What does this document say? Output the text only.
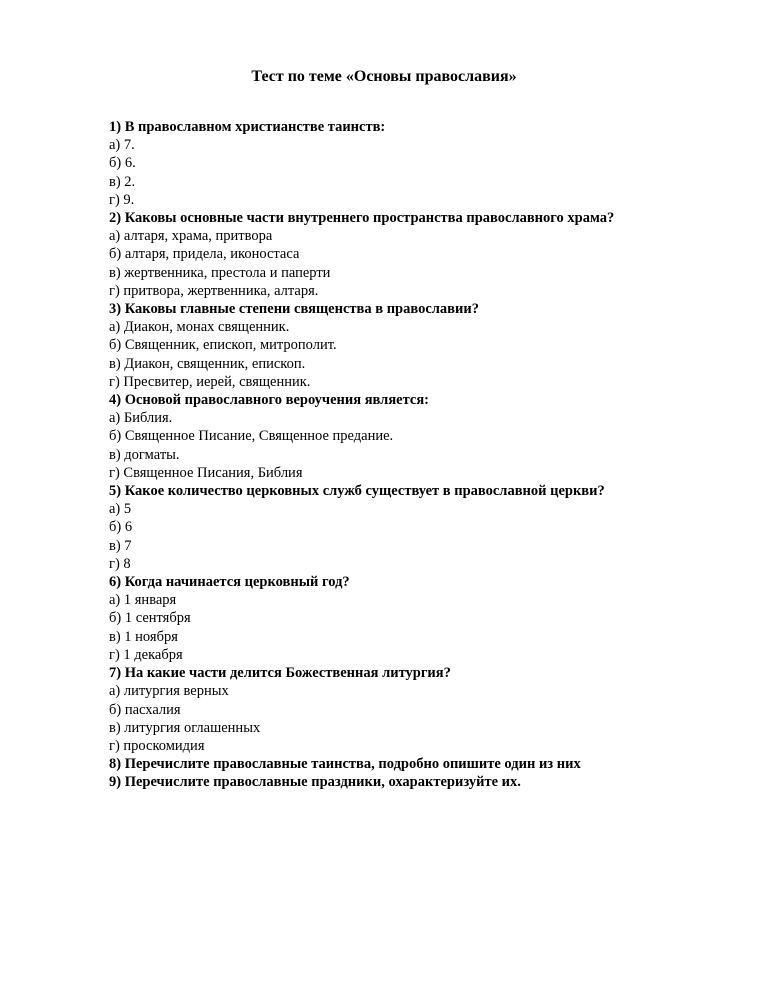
Тест по теме «Основы православия»
1) В православном христианстве таинств:
а) 7.
б) 6.
в) 2.
г) 9.
2) Каковы основные части внутреннего пространства православного храма?
а) алтаря, храма, притвора
б) алтаря, придела, иконостаса
в) жертвенника, престола и паперти
г) притвора, жертвенника, алтаря.
3) Каковы главные степени священства в православии?
а) Диакон, монах священник.
б) Священник, епископ, митрополит.
в) Диакон, священник, епископ.
г) Пресвитер, иерей, священник.
4) Основой православного вероучения является:
а) Библия.
б) Священное Писание, Священное предание.
в) догматы.
г) Священное Писания, Библия
5) Какое количество церковных служб существует в православной церкви?
а) 5
б) 6
в) 7
г) 8
6) Когда начинается церковный год?
а) 1 января
б) 1 сентября
в) 1 ноября
г) 1 декабря
7) На какие части делится Божественная литургия?
а) литургия верных
б) пасхалия
в) литургия оглашенных
г) проскомидия
8) Перечислите православные таинства, подробно опишите один из них
9) Перечислите православные праздники, охарактеризуйте их.
